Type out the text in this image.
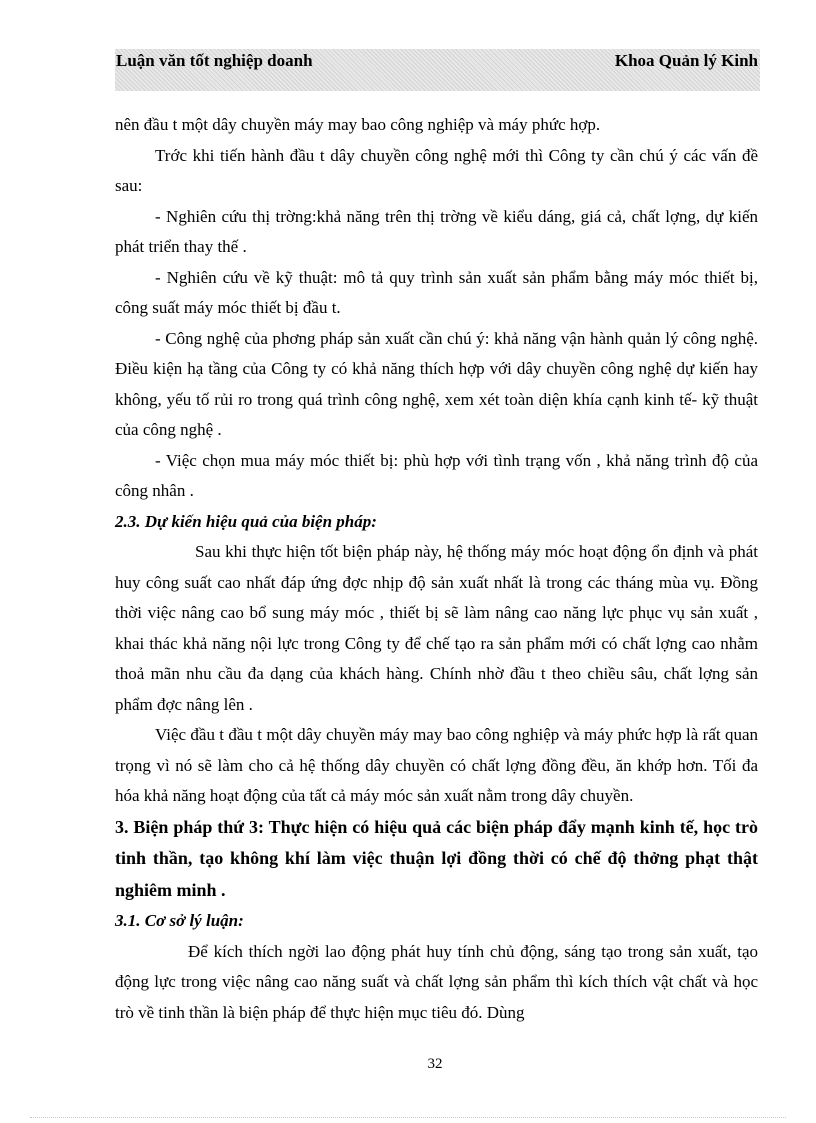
Luận văn tốt nghiệp doanh	Khoa Quản lý Kinh

nên đầu t một dây chuyền máy may bao công nghiệp và máy phức hợp.

Trớc khi tiến hành đầu t dây chuyền công nghệ mới thì Công ty cần chú ý các vấn đề sau:

- Nghiên cứu thị trờng:khả năng trên thị trờng về kiểu dáng, giá cả, chất lợng, dự kiến phát triển thay thế .

- Nghiên cứu về kỹ thuật: mô tả quy trình sản xuất sản phẩm bằng máy móc thiết bị, công suất máy móc thiết bị đầu t.

- Công nghệ của phơng pháp sản xuất cần chú ý: khả năng vận hành quản lý công nghệ. Điều kiện hạ tầng của Công ty có khả năng thích hợp với dây chuyền công nghệ dự kiến hay không, yếu tố rủi ro trong quá trình công nghệ, xem xét toàn diện khía cạnh kinh tế- kỹ thuật của công nghệ .

- Việc chọn mua máy móc thiết bị: phù hợp với tình trạng vốn , khả năng trình độ của công nhân .

2.3. Dự kiến hiệu quả của biện pháp:

Sau khi thực hiện tốt biện pháp này, hệ thống máy móc hoạt động ổn định và phát huy công suất cao nhất đáp ứng đợc nhịp độ sản xuất nhất là trong các tháng mùa vụ. Đồng thời việc nâng cao bổ sung máy móc , thiết bị sẽ làm nâng cao năng lực phục vụ sản xuất , khai thác khả năng nội lực trong Công ty để chế tạo ra sản phẩm mới có chất lợng cao nhằm thoả mãn nhu cầu đa dạng của khách hàng. Chính nhờ đầu t theo chiều sâu, chất lợng sản phẩm đợc nâng lên .

Việc đầu t đầu t một dây chuyền máy may bao công nghiệp và máy phức hợp là rất quan trọng vì nó sẽ làm cho cả hệ thống dây chuyền có chất lợng đồng đều, ăn khớp hơn. Tối đa hóa khả năng hoạt động của tất cả máy móc sản xuất nằm trong dây chuyền.

3. Biện pháp thứ 3: Thực hiện có hiệu quả các biện pháp đẩy mạnh kinh tế, học trò tinh thần, tạo không khí làm việc thuận lợi đồng thời có chế độ thởng phạt thật nghiêm minh .

3.1. Cơ sở lý luận:

Để kích thích ngời lao động phát huy tính chủ động, sáng tạo trong sản xuất, tạo động lực trong việc nâng cao năng suất và chất lợng sản phẩm thì kích thích vật chất và học trò về tinh thần là biện pháp để thực hiện mục tiêu đó. Dùng

32
